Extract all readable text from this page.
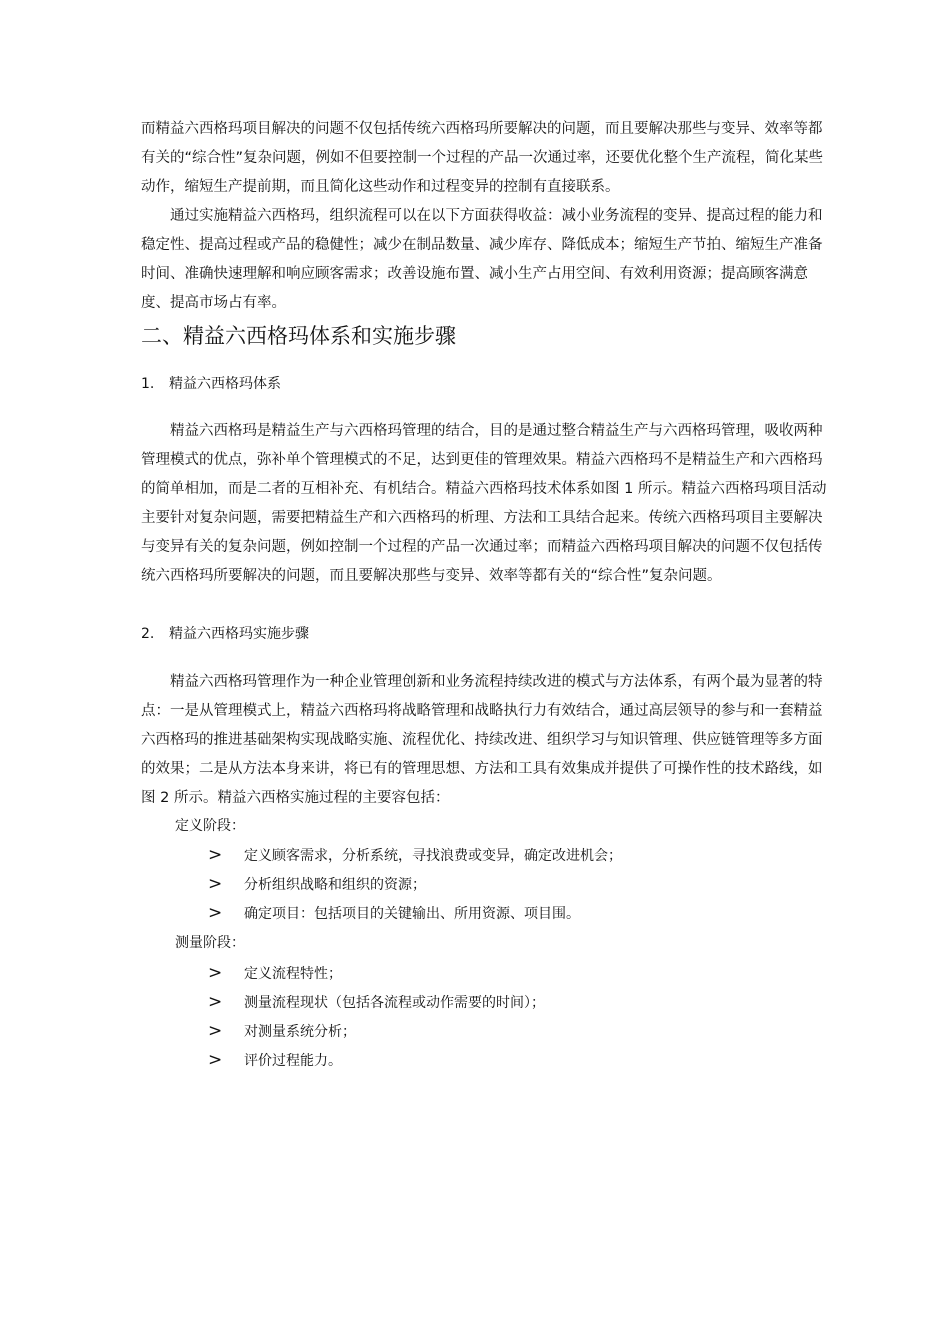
而精益六西格玛项目解决的问题不仅包括传统六西格玛所要解决的问题，而且要解决那些与变异、效率等都有关的“综合性”复杂问题，例如不但要控制一个过程的产品一次通过率，还要优化整个生产流程，简化某些动作，缩短生产提前期，而且简化这些动作和过程变异的控制有直接联系。

通过实施精益六西格玛，组织流程可以在以下方面获得收益：减小业务流程的变异、提高过程的能力和稳定性、提高过程或产品的稳健性；减少在制品数量、减少库存、降低成本；缩短生产节拍、缩短生产准备时间、准确快速理解和响应顾客需求；改善设施布置、减小生产占用空间、有效利用资源；提高顾客满意度、提高市场占有率。

二、精益六西格玛体系和实施步骤
1. 精益六西格玛体系

精益六西格玛是精益生产与六西格玛管理的结合，目的是通过整合精益生产与六西格玛管理，吸收两种管理模式的优点，弥补单个管理模式的不足，达到更佳的管理效果。精益六西格玛不是精益生产和六西格玛的简单相加，而是二者的互相补充、有机结合。精益六西格玛技术体系如图 1 所示。精益六西格玛项目活动主要针对复杂问题，需要把精益生产和六西格玛的析理、方法和工具结合起来。传统六西格玛项目主要解决与变异有关的复杂问题，例如控制一个过程的产品一次通过率；而精益六西格玛项目解决的问题不仅包括传统六西格玛所要解决的问题，而且要解决那些与变异、效率等都有关的“综合性”复杂问题。

2. 精益六西格玛实施步骤

精益六西格玛管理作为一种企业管理创新和业务流程持续改进的模式与方法体系，有两个最为显著的特点：一是从管理模式上，精益六西格玛将战略管理和战略执行力有效结合，通过高层领导的参与和一套精益六西格玛的推进基础架构实现战略实施、流程优化、持续改进、组织学习与知识管理、供应链管理等多方面的效果；二是从方法本身来讲，将已有的管理思想、方法和工具有效集成并提供了可操作性的技术路线，如图 2 所示。精益六西格实施过程的主要容包括：

定义阶段：
> 定义顾客需求，分析系统，寻找浪费或变异，确定改进机会；
> 分析组织战略和组织的资源；
> 确定项目：包括项目的关键输出、所用资源、项目围。
测量阶段：
> 定义流程特性；
> 测量流程现状（包括各流程或动作需要的时间）；
> 对测量系统分析；
> 评价过程能力。
